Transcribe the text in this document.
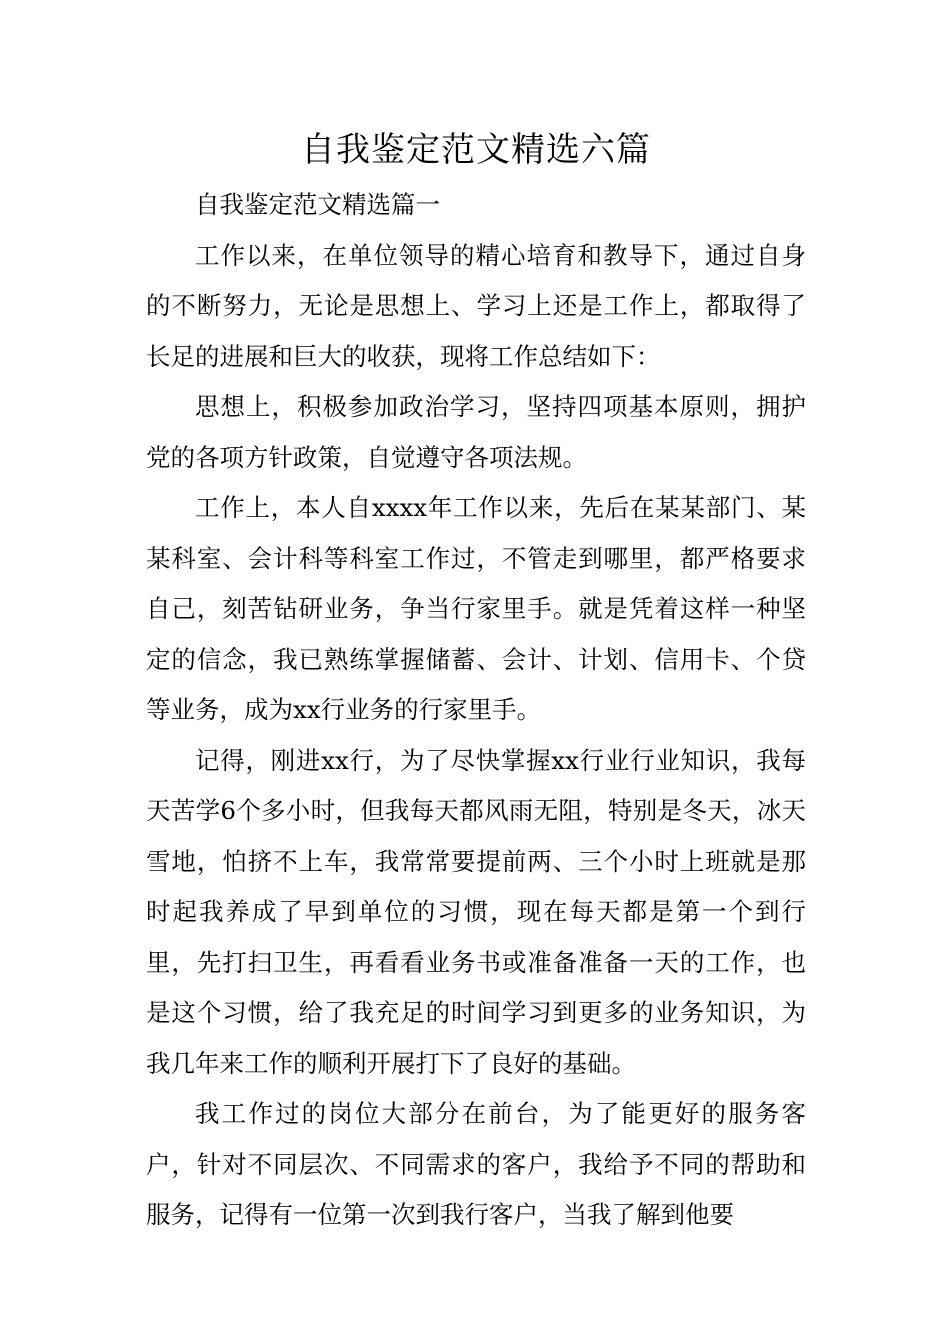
自我鉴定范文精选六篇

自我鉴定范文精选篇一

工作以来，在单位领导的精心培育和教导下，通过自身的不断努力，无论是思想上、学习上还是工作上，都取得了长足的进展和巨大的收获，现将工作总结如下：

思想上，积极参加政治学习，坚持四项基本原则，拥护党的各项方针政策，自觉遵守各项法规。

工作上，本人自xxxx年工作以来，先后在某某部门、某某科室、会计科等科室工作过，不管走到哪里，都严格要求自己，刻苦钻研业务，争当行家里手。就是凭着这样一种坚定的信念，我已熟练掌握储蓄、会计、计划、信用卡、个贷等业务，成为xx行业务的行家里手。

记得，刚进xx行，为了尽快掌握xx行业行业知识，我每天苦学6个多小时，但我每天都风雨无阻，特别是冬天，冰天雪地，怕挤不上车，我常常要提前两、三个小时上班就是那时起我养成了早到单位的习惯，现在每天都是第一个到行里，先打扫卫生，再看看业务书或准备准备一天的工作，也是这个习惯，给了我充足的时间学习到更多的业务知识，为我几年来工作的顺利开展打下了良好的基础。

我工作过的岗位大部分在前台，为了能更好的服务客户，针对不同层次、不同需求的客户，我给予不同的帮助和服务，记得有一位第一次到我行客户，当我了解到他要
